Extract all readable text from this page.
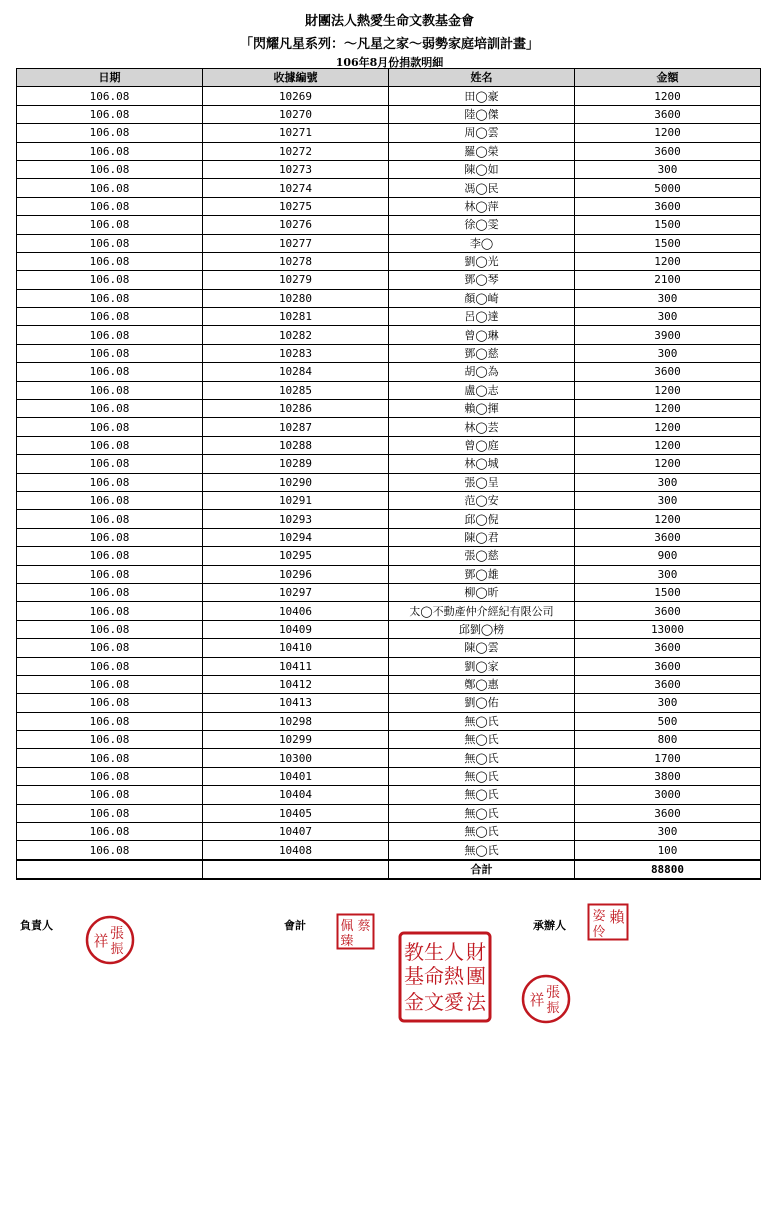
財團法人熱愛生命文教基金會
「閃耀凡星系列：～凡星之家～弱勢家庭培訓計畫」
106年8月份捐款明細
日期	收據編號	姓名	金額
106.08	10269	田◯豪	1200
106.08	10270	陸◯傑	3600
106.08	10271	周◯雲	1200
106.08	10272	羅◯榮	3600
106.08	10273	陳◯如	300
106.08	10274	馮◯民	5000
106.08	10275	林◯萍	3600
106.08	10276	徐◯雯	1500
106.08	10277	李◯	1500
106.08	10278	劉◯光	1200
106.08	10279	鄧◯琴	2100
106.08	10280	顏◯崎	300
106.08	10281	呂◯達	300
106.08	10282	曾◯琳	3900
106.08	10283	鄧◯慈	300
106.08	10284	胡◯為	3600
106.08	10285	盧◯志	1200
106.08	10286	賴◯揮	1200
106.08	10287	林◯芸	1200
106.08	10288	曾◯庭	1200
106.08	10289	林◯城	1200
106.08	10290	張◯呈	300
106.08	10291	范◯安	300
106.08	10293	邱◯倪	1200
106.08	10294	陳◯君	3600
106.08	10295	張◯慈	900
106.08	10296	鄧◯雄	300
106.08	10297	柳◯昕	1500
106.08	10406	太◯不動產仲介經紀有限公司	3600
106.08	10409	邱劉◯榜	13000
106.08	10410	陳◯雲	3600
106.08	10411	劉◯家	3600
106.08	10412	鄭◯惠	3600
106.08	10413	劉◯佑	300
106.08	10298	無◯氏	500
106.08	10299	無◯氏	800
106.08	10300	無◯氏	1700
106.08	10401	無◯氏	3800
106.08	10404	無◯氏	3000
106.08	10405	無◯氏	3600
106.08	10407	無◯氏	300
106.08	10408	無◯氏	100
		合計	88800
負責人	會計	承辦人
張
振
祥
蔡
佩
臻	財
團
法
人
熱
愛
生
命
文
教
基
金
賴
姿
伶
張
振
祥
